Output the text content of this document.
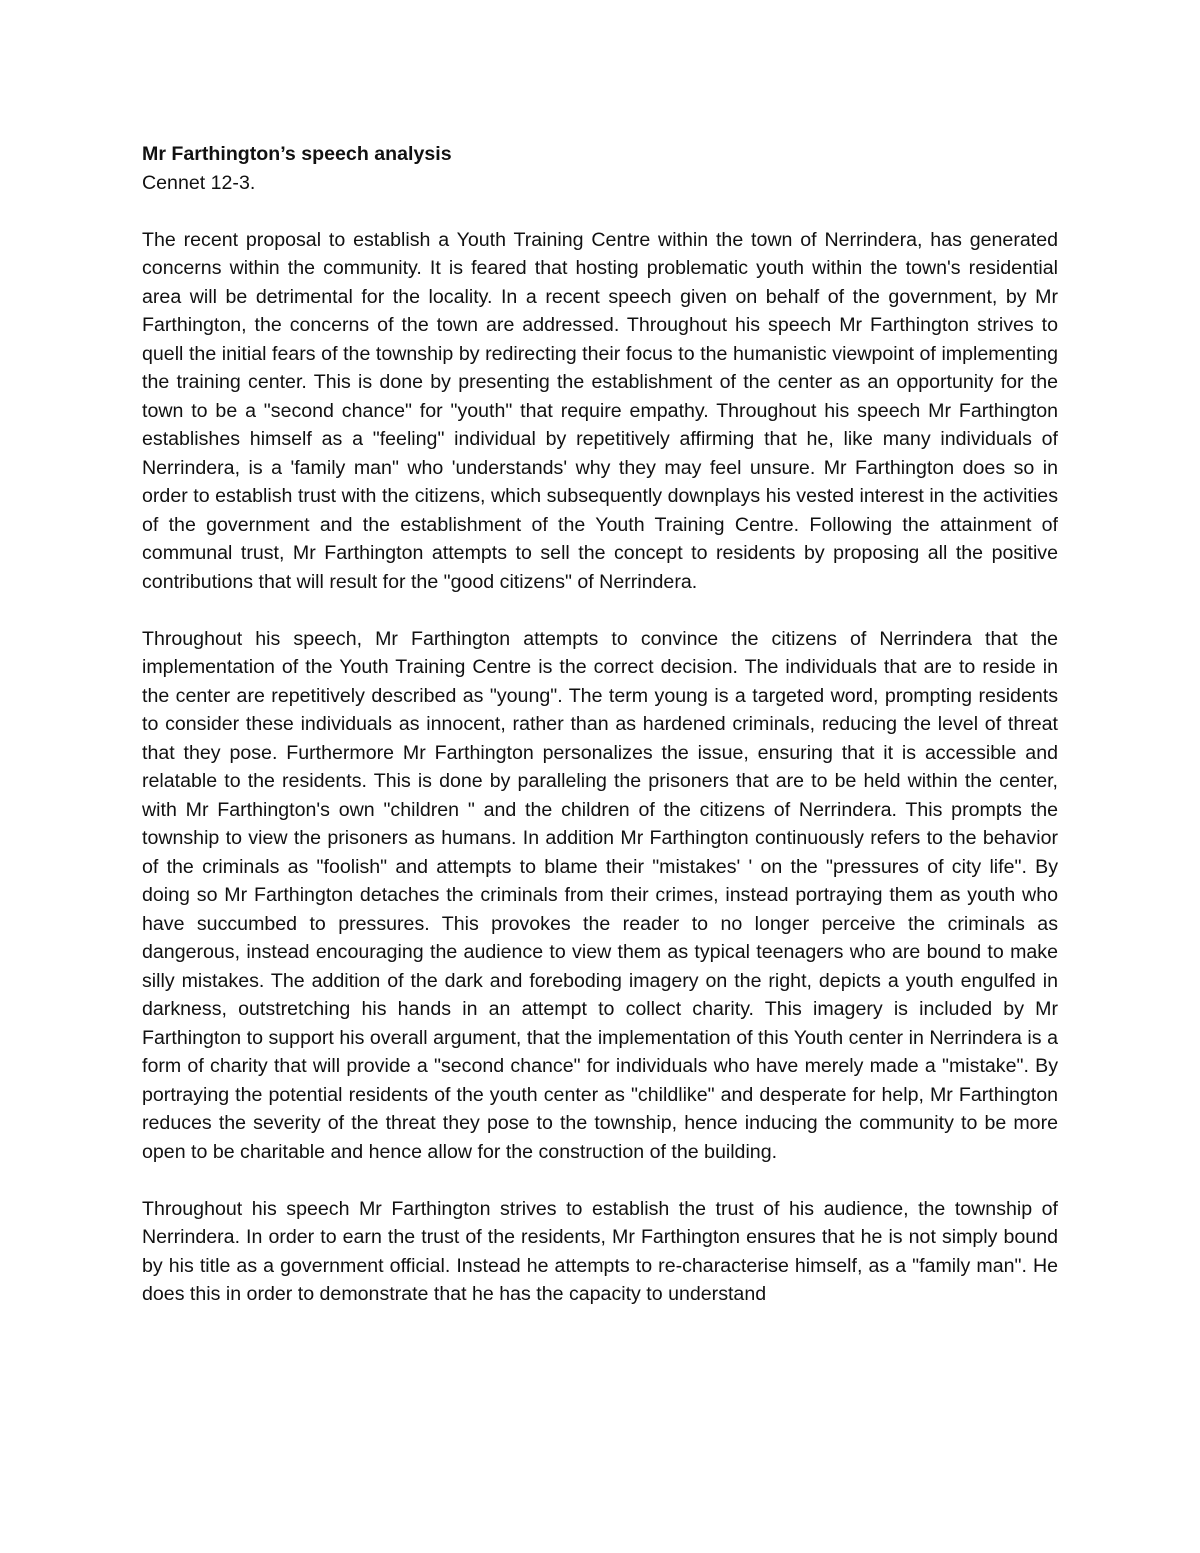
Mr Farthington’s speech analysis

Cennet 12-3.

The recent proposal to establish a Youth Training Centre within the town of Nerrindera, has generated concerns within the community. It is feared that hosting problematic youth within the town's residential area will be detrimental for the locality. In a recent speech given on behalf of the government, by Mr Farthington, the concerns of the town are addressed. Throughout his speech Mr Farthington strives to quell the initial fears of the township by redirecting their focus to the humanistic viewpoint of implementing the training center. This is done by presenting the establishment of the center as an opportunity for the town to be a "second chance" for "youth" that require empathy. Throughout his speech Mr Farthington establishes himself as a "feeling" individual by repetitively affirming that he, like many individuals of Nerrindera, is a 'family man" who 'understands' why they may feel unsure. Mr Farthington does so in order to establish trust with the citizens, which subsequently downplays his vested interest in the activities of the government and the establishment of the Youth Training Centre. Following the attainment of communal trust, Mr Farthington attempts to sell the concept to residents by proposing all the positive contributions that will result for the "good citizens" of Nerrindera.

Throughout his speech, Mr Farthington attempts to convince the citizens of Nerrindera that the implementation of the Youth Training Centre is the correct decision. The individuals that are to reside in the center are repetitively described as "young". The term young is a targeted word, prompting residents to consider these individuals as innocent, rather than as hardened criminals, reducing the level of threat that they pose. Furthermore Mr Farthington personalizes the issue, ensuring that it is accessible and relatable to the residents. This is done by paralleling the prisoners that are to be held within the center, with Mr Farthington's own "children " and the children of the citizens of Nerrindera. This prompts the township to view the prisoners as humans. In addition Mr Farthington continuously refers to the behavior of the criminals as "foolish" and attempts to blame their "mistakes' ' on the "pressures of city life". By doing so Mr Farthington detaches the criminals from their crimes, instead portraying them as youth who have succumbed to pressures. This provokes the reader to no longer perceive the criminals as dangerous, instead encouraging the audience to view them as typical teenagers who are bound to make silly mistakes. The addition of the dark and foreboding imagery on the right, depicts a youth engulfed in darkness, outstretching his hands in an attempt to collect charity. This imagery is included by Mr Farthington to support his overall argument, that the implementation of this Youth center in Nerrindera is a form of charity that will provide a "second chance" for individuals who have merely made a "mistake". By portraying the potential residents of the youth center as "childlike" and desperate for help, Mr Farthington reduces the severity of the threat they pose to the township, hence inducing the community to be more open to be charitable and hence allow for the construction of the building.

Throughout his speech Mr Farthington strives to establish the trust of his audience, the township of Nerrindera. In order to earn the trust of the residents, Mr Farthington ensures that he is not simply bound by his title as a government official. Instead he attempts to re-characterise himself, as a "family man". He does this in order to demonstrate that he has the capacity to understand
